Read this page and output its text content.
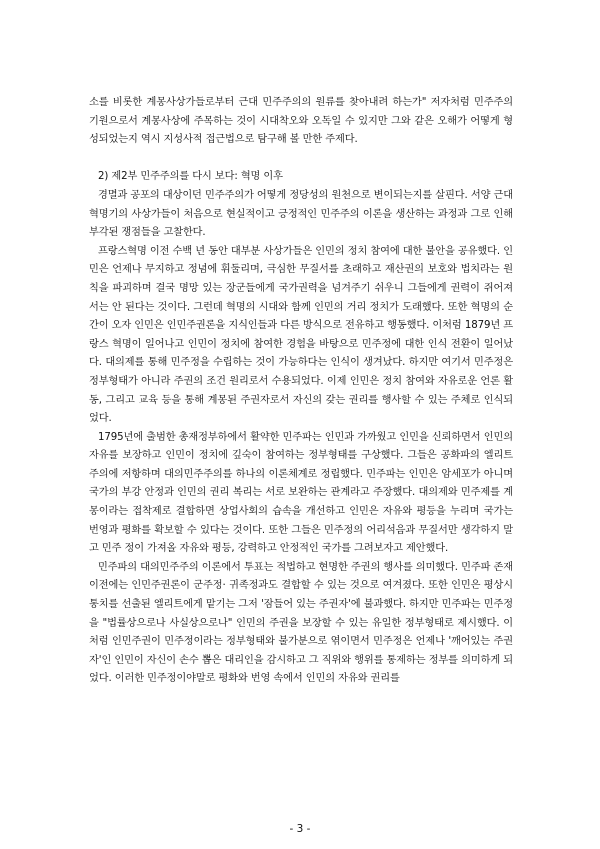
소를 비롯한 계몽사상가들로부터 근대 민주주의의 원류를 찾아내려 하는가" 저자처럼 민주주의 기원으로서 계몽사상에 주목하는 것이 시대착오와 오독일 수 있지만 그와 같은 오해가 어떻게 형성되었는지 역시 지성사적 접근법으로 탐구해 볼 만한 주제다.

2) 제2부 민주주의를 다시 보다: 혁명 이후

경멸과 공포의 대상이던 민주주의가 어떻게 정당성의 원천으로 변이되는지를 살핀다. 서양 근대 혁명기의 사상가들이 처음으로 현실적이고 긍정적인 민주주의 이론을 생산하는 과정과 그로 인해 부각된 쟁점들을 고찰한다.

프랑스혁명 이전 수백 년 동안 대부분 사상가들은 인민의 정치 참여에 대한 불안을 공유했다. 인민은 언제나 무지하고 정념에 휘둘리며, 극심한 무질서를 초래하고 재산권의 보호와 법치라는 원칙을 파괴하며 결국 명망 있는 장군들에게 국가권력을 넘겨주기 쉬우니 그들에게 권력이 쥐어져서는 안 된다는 것이다. 그런데 혁명의 시대와 함께 인민의 거리 정치가 도래했다. 또한 혁명의 순간이 오자 인민은 인민주권론을 지식인들과 다른 방식으로 전유하고 행동했다. 이처럼 1879년 프랑스 혁명이 일어나고 인민이 정치에 참여한 경험을 바탕으로 민주정에 대한 인식 전환이 일어났다. 대의제를 통해 민주정을 수립하는 것이 가능하다는 인식이 생겨났다. 하지만 여기서 민주정은 정부형태가 아니라 주권의 조건 원리로서 수용되었다. 이제 인민은 정치 참여와 자유로운 언론 활동, 그리고 교육 등을 통해 계몽된 주권자로서 자신의 갖는 권리를 행사할 수 있는 주체로 인식되었다.

1795년에 출범한 총재정부하에서 활약한 민주파는 인민과 가까웠고 인민을 신뢰하면서 인민의 자유를 보장하고 인민이 정치에 깊숙이 참여하는 정부형태를 구상했다. 그들은 공화파의 엘리트주의에 저항하며 대의민주주의를 하나의 이론체계로 정립했다. 민주파는 인민은 암세포가 아니며 국가의 부강 안정과 인민의 권리 복리는 서로 보완하는 관계라고 주장했다. 대의제와 민주제를 계몽이라는 접착제로 결합하면 상업사회의 습속을 개선하고 인민은 자유와 평등을 누리며 국가는 번영과 평화를 확보할 수 있다는 것이다. 또한 그들은 민주정의 어리석음과 무질서만 생각하지 말고 민주 정이 가져올 자유와 평등, 강력하고 안정적인 국가를 그려보자고 제안했다.

민주파의 대의민주주의 이론에서 투표는 적법하고 현명한 주권의 행사를 의미했다. 민주파 존재 이전에는 인민주권론이 군주정· 귀족정과도 결합할 수 있는 것으로 여겨졌다. 또한 인민은 평상시 통치를 선출된 엘리트에게 맡기는 그저 '잠들어 있는 주권자'에 불과했다. 하지만 민주파는 민주정을 "법률상으로나 사실상으로나" 인민의 주권을 보장할 수 있는 유일한 정부형태로 제시했다. 이처럼 인민주권이 민주정이라는 정부형태와 불가분으로 엮이면서 민주정은 언제나 '깨어있는 주권자'인 인민이 자신이 손수 뽑은 대리인을 감시하고 그 직위와 행위를 통제하는 정부를 의미하게 되었다. 이러한 민주정이야말로 평화와 번영 속에서 인민의 자유와 권리를

- 3 -
